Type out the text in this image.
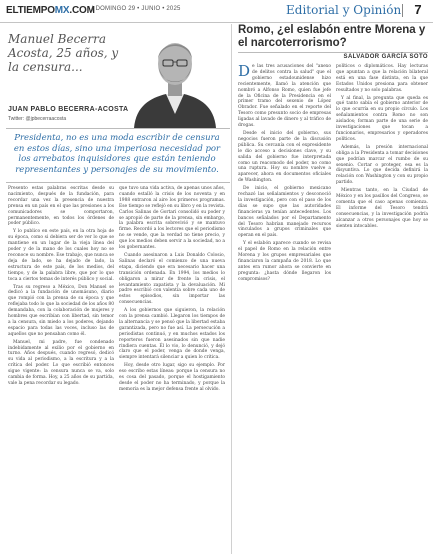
ELTIEMPOMX.COM
| DOMINGO 29 • JUNIO • 2025	Editorial y Opinión	7
Manuel Becerra Acosta, 25 años, y la censura...
JUAN PABLO BECERRA-ACOSTA
Twitter: @jpbecerraacosta
Presidenta, no es una moda escribir de censura en estos días, sino una imperiosa necesidad por los arrebatos inquisidores que están teniendo representantes y personajes de su movimiento.

Presento estas palabras escritas desde su nacimiento, después de la fundación, para recordar una vez la presencia de nuestra prensa en un país en el que las presiones a los comunicadores se comportaron, permanentemente, en todos los órdenes de poder público.

Y lo publico en este país, en la otra hoja de su época, como si debiera ser de ver lo que se mantiene en un lugar de la vieja línea del poder y de la mano de los cuales hoy no se reconoce su nombre. Ese trabajo, que nunca se deja de lado, se ha dejado de lado, la estructura de este país, de los medios, del tiempo, y de la palabra libre, que por lo que toca a ciertos temas de interés público y social.

Tras su regreso a México, Don Manuel se dedicó a la fundación de unomásuno, diario que rompió con la prensa de su época y que reflejaba todo lo que la sociedad de los años 80 demandaba, con la colaboración de mujeres y hombres que escribían con libertad, sin temor a la censura, sin miedo a los poderes, dejando espacio para todas las voces, incluso las de aquellos que no pensaban como él.

Manuel, mi padre, fue condenado indebidamente al exilio por el gobierno en turno. Años después, cuando regresó, dedicó su vida al periodismo, a la escritura y a la crítica del poder. Lo que escribió entonces sigue vigente: la censura nunca se va, solo cambia de forma. Hoy, a 25 años de su partida, vale la pena recordar su legado.

que tuvo una vida activa, de apenas unos años, cuando estalló la crisis de los noventa y en 1988 entraron al aire los primeros programas. Ese tiempo se reflejó en su libro y en la revista. Carlos Salinas de Gortari consolidó su poder y se apropió de parte de la prensa, sin embargo, la palabra escrita sobrevivió y se mantuvo firme. Recordó a los lectores que el periodismo no se vende, que la verdad no tiene precio, y que los medios deben servir a la sociedad, no a los gobernantes.

Cuando asesinaron a Luis Donaldo Colosio, Salinas declaró el comienzo de una nueva etapa, diciendo que era necesario hacer una transición ordenada. En 1994, los medios lo obligaron a mirar de frente la crisis, el levantamiento zapatista y la devaluación. Mi padre escribió con valentía sobre cada uno de estos episodios, sin importar las consecuencias.

A los gobiernos que siguieron, la relación con la prensa cambió. Llegaron los tiempos de la alternancia y se pensó que la libertad estaba garantizada, pero no fue así. La persecución a periodistas continuó, y en muchos estados los reporteros fueron asesinados sin que nadie rindiera cuentas. Él lo vio, lo denunció, y dejó claro que el poder, venga de donde venga, siempre intentará silenciar a quien lo critica.

Hoy, desde otro lugar, sigo su ejemplo. Por eso escribo estas líneas: porque la censura no es cosa del pasado, porque el hostigamiento desde el poder no ha terminado, y porque la memoria es la mejor defensa frente al olvido.

Romo, ¿el eslabón entre Morena y el narcoterrorismo?
SALVADOR GARCÍA SOTO

De las tres acusaciones del "anexo de delitos contra la salud" que el gobierno estadounidense hizo recientemente, llamó la atención que nombró a Alfonso Romo, quien fue jefe de la Oficina de la Presidencia en el primer tramo del sexenio de López Obrador. Fue señalado en el reporte del Tesoro como presunto socio de empresas ligadas al lavado de dinero y al tráfico de drogas.

Desde el inicio del gobierno, sus negocios fueron parte de la discusión pública. Su cercanía con el expresidente le dio acceso a decisiones clave, y su salida del gobierno fue interpretada como un reacomodo del poder, no como una ruptura. Hoy su nombre vuelve a aparecer, ahora en documentos oficiales de Washington.

De inicio, el gobierno mexicano rechazó las señalamientos y desconoció la investigación, pero con el paso de los días se supo que las autoridades financieras ya tenían antecedentes. Los bancos señalados por el Departamento del Tesoro habrían manejado recursos vinculados a grupos criminales que operan en el país.

Y el eslabón aparece cuando se revisa el papel de Romo en la relación entre Morena y los grupos empresariales que financiaron la campaña de 2018. Lo que antes era rumor ahora se convierte en pregunta: ¿hasta dónde llegaron los compromisos?

políticos o diplomáticos. Hay lecturas que apuntan a que la relación bilateral está en una fase distinta, en la que Estados Unidos presiona para obtener resultados y no solo palabras.

Y al final, la pregunta que queda es qué tanto sabía el gobierno anterior de lo que ocurría en su propio círculo. Los señalamientos contra Romo no son aislados; forman parte de una serie de investigaciones que tocan a funcionarios, empresarios y operadores políticos.

Además, la presión internacional obliga a la Presidenta a tomar decisiones que podrían marcar el rumbo de su sexenio. Cortar o proteger, esa es la disyuntiva. Lo que decida definirá la relación con Washington y con su propio partido.

Mientras tanto, en la Ciudad de México y en los pasillos del Congreso, se comenta que el caso apenas comienza. El informe del Tesoro tendrá consecuencias, y la investigación podría alcanzar a otros personajes que hoy se sienten intocables.
